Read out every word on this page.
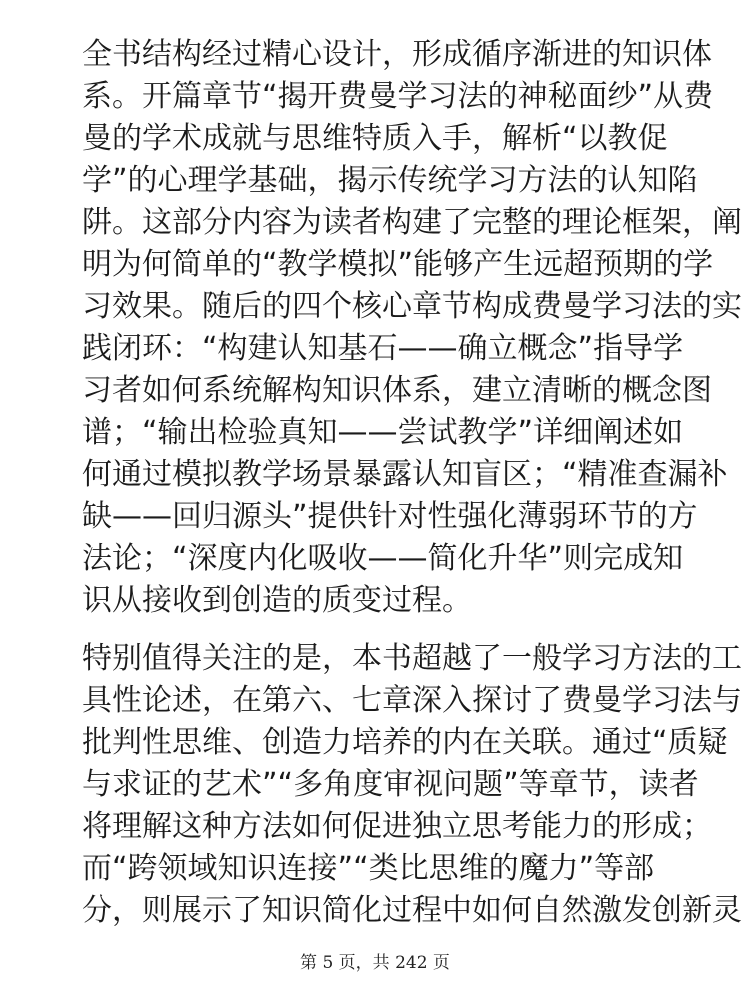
全书结构经过精心设计，形成循序渐进的知识体
系。开篇章节“揭开费曼学习法的神秘面纱”从费
曼的学术成就与思维特质入手，解析“以教促
学”的心理学基础，揭示传统学习方法的认知陷
阱。这部分内容为读者构建了完整的理论框架，阐
明为何简单的“教学模拟”能够产生远超预期的学
习效果。随后的四个核心章节构成费曼学习法的实
践闭环：“构建认知基石——确立概念”指导学
习者如何系统解构知识体系，建立清晰的概念图
谱；“输出检验真知——尝试教学”详细阐述如
何通过模拟教学场景暴露认知盲区；“精准查漏补
缺——回归源头”提供针对性强化薄弱环节的方
法论；“深度内化吸收——简化升华”则完成知
识从接收到创造的质变过程。

特别值得关注的是，本书超越了一般学习方法的工
具性论述，在第六、七章深入探讨了费曼学习法与
批判性思维、创造力培养的内在关联。通过“质疑
与求证的艺术”“多角度审视问题”等章节，读者
将理解这种方法如何促进独立思考能力的形成；
而“跨领域知识连接”“类比思维的魔力”等部
分，则展示了知识简化过程中如何自然激发创新灵

第 5 页，共 242 页
